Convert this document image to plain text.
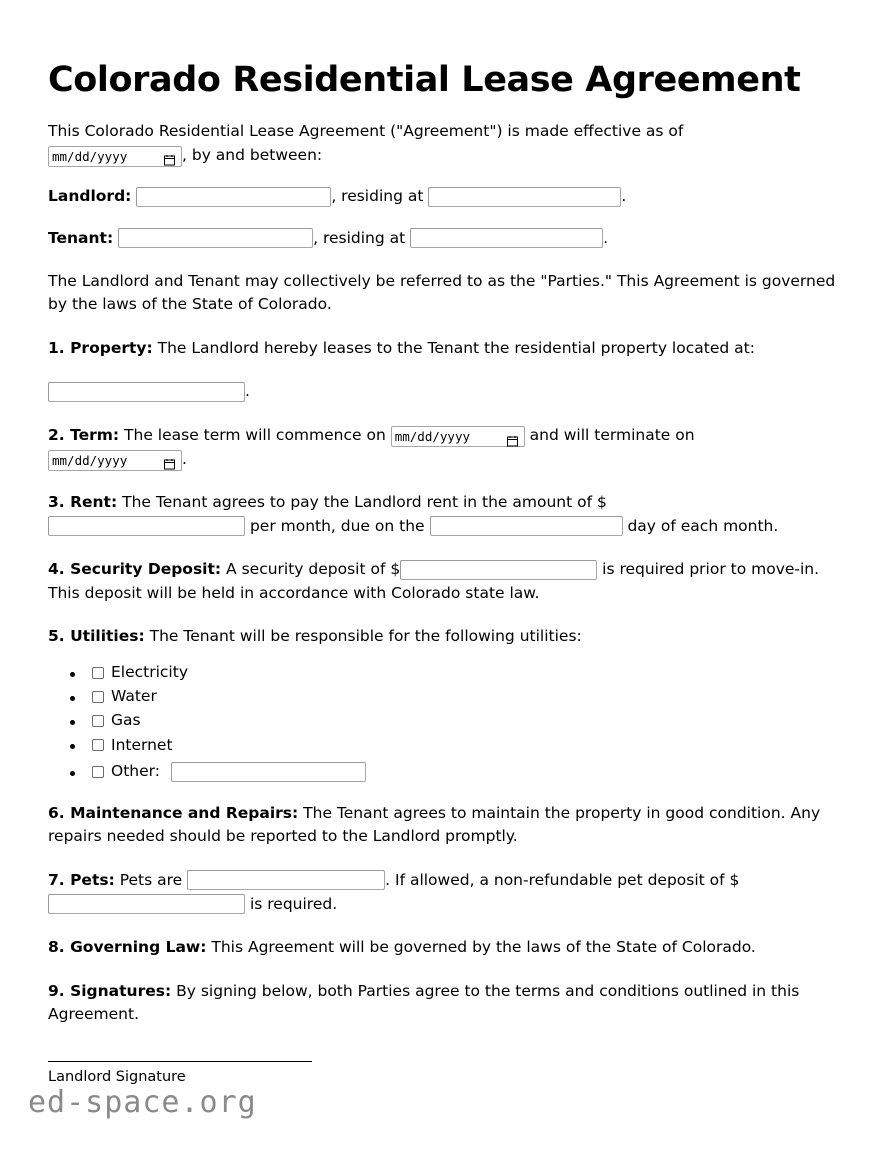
Colorado Residential Lease Agreement

This Colorado Residential Lease Agreement ("Agreement") is made effective as of
mm/dd/yyyy
, by and between:

Landlord:	, residing at	.

Tenant:	, residing at	.

The Landlord and Tenant may collectively be referred to as the "Parties." This Agreement is governed by the laws of the State of Colorado.

1. Property: The Landlord hereby leases to the Tenant the residential property located at:

.

2. Term: The lease term will commence on mm/dd/yyyy	and will terminate on
mm/dd/yyyy
.

3. Rent: The Tenant agrees to pay the Landlord rent in the amount of $
per month, due on the	day of each month.

4. Security Deposit: A security deposit of $	is required prior to move-in. This deposit will be held in accordance with Colorado state law.

5. Utilities: The Tenant will be responsible for the following utilities:

• Electricity
• Water
• Gas
• Internet
• Other:

6. Maintenance and Repairs: The Tenant agrees to maintain the property in good condition. Any repairs needed should be reported to the Landlord promptly.

7. Pets: Pets are	. If allowed, a non-refundable pet deposit of $
is required.

8. Governing Law: This Agreement will be governed by the laws of the State of Colorado.

9. Signatures: By signing below, both Parties agree to the terms and conditions outlined in this Agreement.

Landlord Signature
ed-space.org
